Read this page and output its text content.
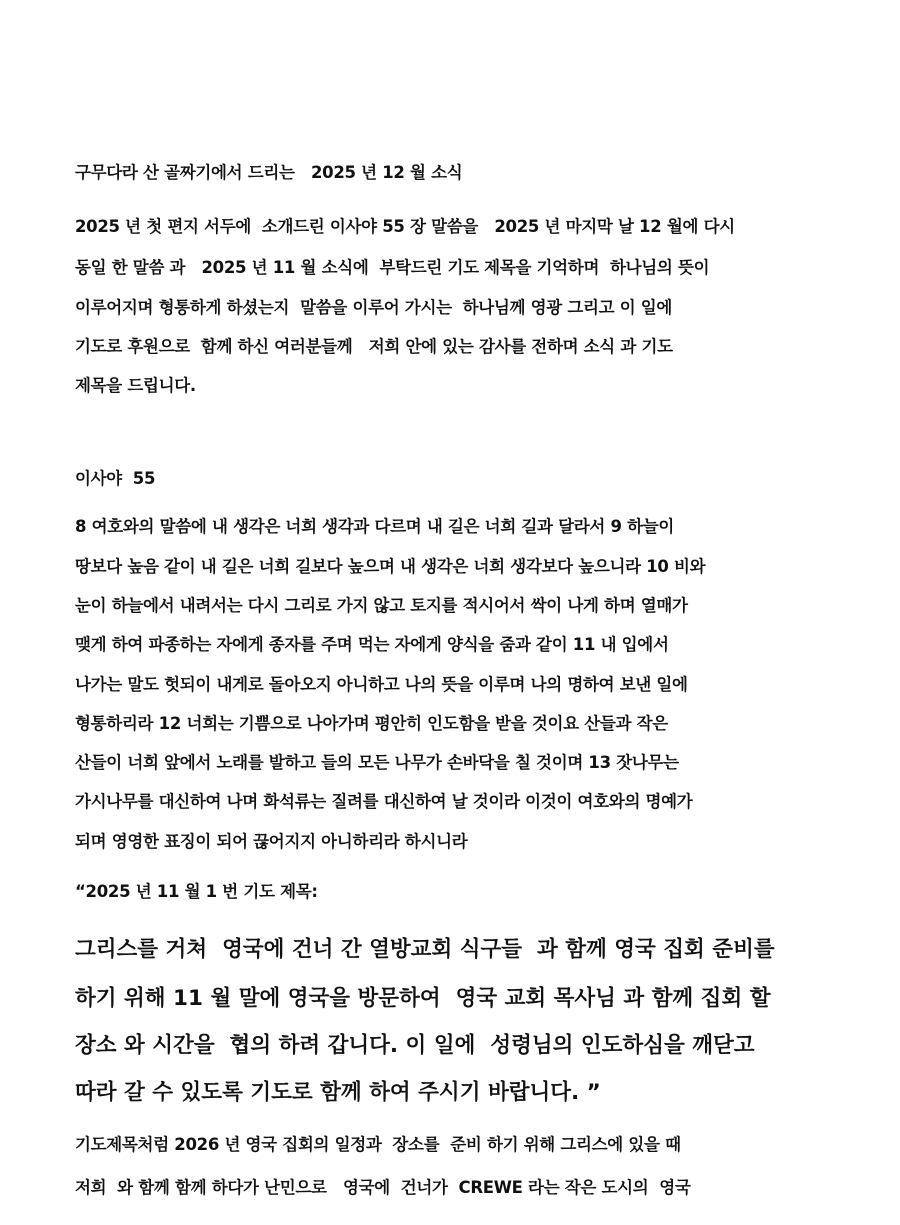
구무다라 산 골짜기에서 드리는   2025 년 12 월 소식
2025 년 첫 편지 서두에  소개드린 이사야 55 장 말씀을   2025 년 마지막 날 12 월에 다시
동일 한 말씀 과   2025 년 11 월 소식에  부탁드린 기도 제목을 기억하며  하나님의 뜻이
이루어지며 형통하게 하셨는지  말씀을 이루어 가시는  하나님께 영광 그리고 이 일에
기도로 후원으로  함께 하신 여러분들께   저희 안에 있는 감사를 전하며 소식 과 기도
제목을 드립니다.
이사야  55
8 여호와의 말씀에 내 생각은 너희 생각과 다르며 내 길은 너희 길과 달라서 9 하늘이
땅보다 높음 같이 내 길은 너희 길보다 높으며 내 생각은 너희 생각보다 높으니라 10 비와
눈이 하늘에서 내려서는 다시 그리로 가지 않고 토지를 적시어서 싹이 나게 하며 열매가
맺게 하여 파종하는 자에게 종자를 주며 먹는 자에게 양식을 줌과 같이 11 내 입에서
나가는 말도 헛되이 내게로 돌아오지 아니하고 나의 뜻을 이루며 나의 명하여 보낸 일에
형통하리라 12 너희는 기쁨으로 나아가며 평안히 인도함을 받을 것이요 산들과 작은
산들이 너희 앞에서 노래를 발하고 들의 모든 나무가 손바닥을 칠 것이며 13 잣나무는
가시나무를 대신하여 나며 화석류는 질려를 대신하여 날 것이라 이것이 여호와의 명예가
되며 영영한 표징이 되어 끊어지지 아니하리라 하시니라
“2025 년 11 월 1 번 기도 제목:
그리스를 거쳐  영국에 건너 간 열방교회 식구들  과 함께 영국 집회 준비를
하기 위해 11 월 말에 영국을 방문하여  영국 교회 목사님 과 함께 집회 할
장소 와 시간을  협의 하려 갑니다. 이 일에  성령님의 인도하심을 깨닫고
따라 갈 수 있도록 기도로 함께 하여 주시기 바랍니다. ”
기도제목처럼 2026 년 영국 집회의 일정과  장소를  준비 하기 위해 그리스에 있을 때
저희  와 함께 함께 하다가 난민으로   영국에  건너가  CREWE 라는 작은 도시의  영국
